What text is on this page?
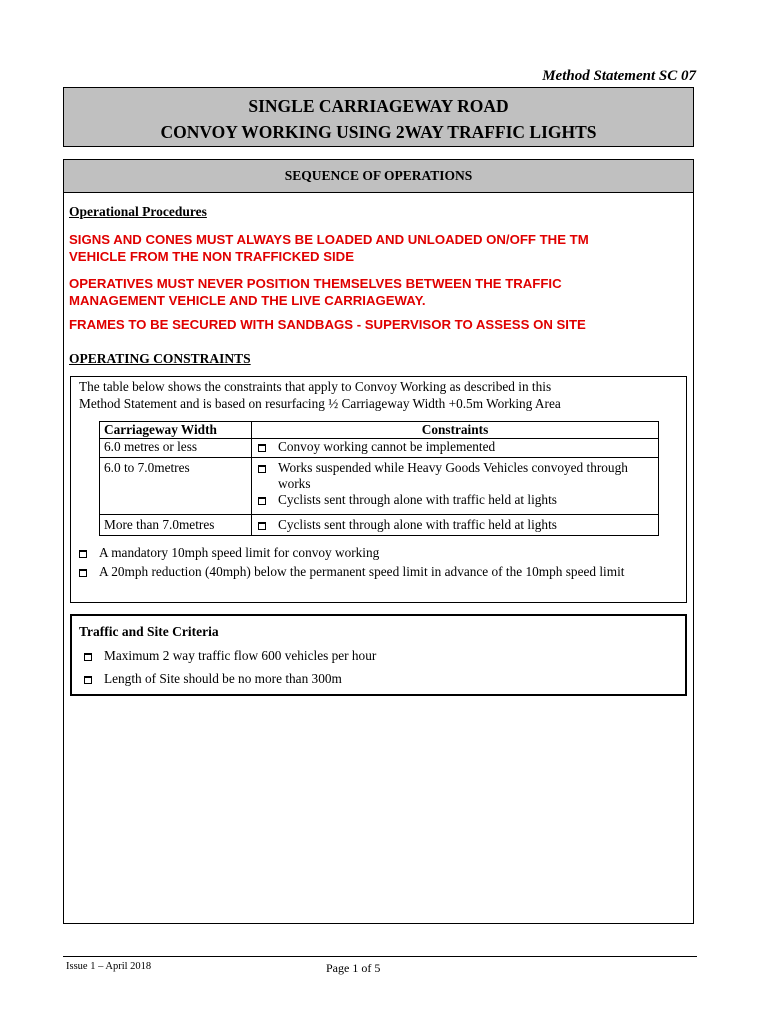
Method Statement SC 07
SINGLE CARRIAGEWAY ROAD
CONVOY WORKING USING 2WAY TRAFFIC LIGHTS
SEQUENCE OF OPERATIONS
Operational Procedures
SIGNS AND CONES MUST ALWAYS BE LOADED AND UNLOADED ON/OFF THE TM
VEHICLE FROM THE NON TRAFFICKED SIDE
OPERATIVES MUST NEVER POSITION THEMSELVES BETWEEN THE TRAFFIC
MANAGEMENT VEHICLE AND THE LIVE CARRIAGEWAY.
FRAMES TO BE SECURED WITH SANDBAGS - SUPERVISOR TO ASSESS ON SITE
OPERATING CONSTRAINTS
The table below shows the constraints that apply to Convoy Working as described in this
Method Statement and is based on resurfacing ½ Carriageway Width +0.5m Working Area
Carriageway Width	Constraints
6.0 metres or less	Convoy working cannot be implemented

6.0 to 7.0metres	Works suspended while Heavy Goods Vehicles convoyed through works
Cyclists sent through alone with traffic held at lights

More than 7.0metres	Cyclists sent through alone with traffic held at lights
A mandatory 10mph speed limit for convoy working
A 20mph reduction (40mph) below the permanent speed limit in advance of the 10mph speed limit
Traffic and Site Criteria
Maximum 2 way traffic flow 600 vehicles per hour
Length of Site should be no more than 300m
Issue 1 – April 2018	Page 1 of 5
